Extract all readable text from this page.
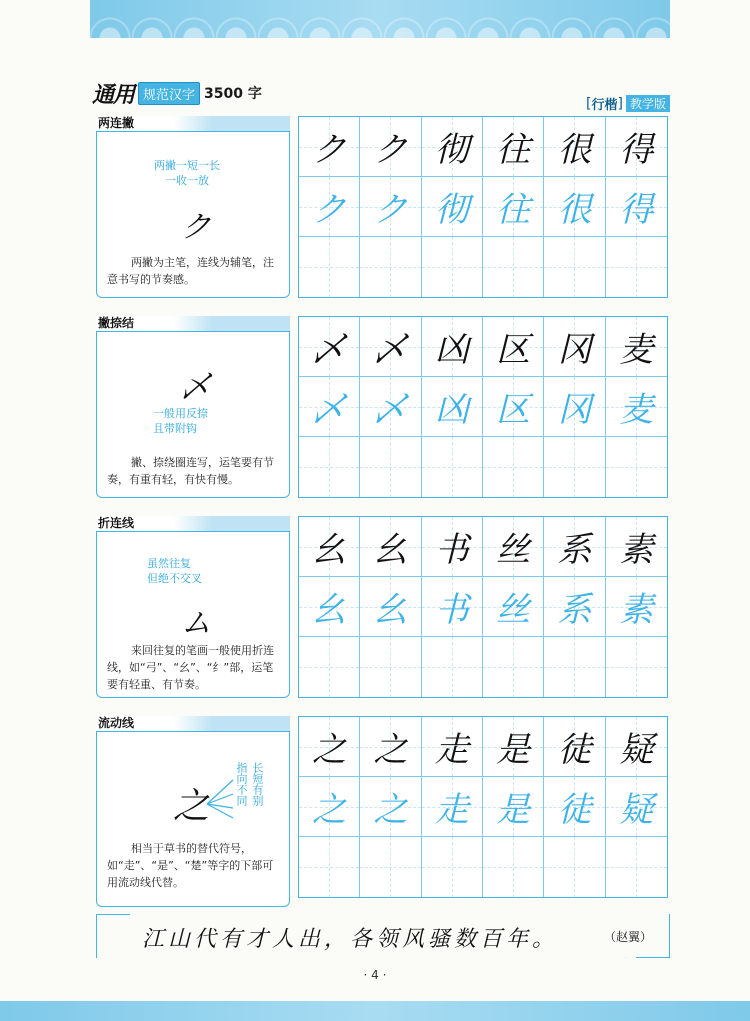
通用 规范汉字 3500 字
[ 行楷 ] 教学版
两连撇
两撇一短一长
一收一放
ク
两撇为主笔，连线为辅笔，注意书写的节奏感。
ク ク 彻 往 很 得
ク ク 彻 往 很 得
撇捺结
乄
一般用反捺
且带附钩
撇、捺绕圈连写，运笔要有节奏，有重有轻，有快有慢。
乄 乄 凶 区 冈 麦
乄 乄 凶 区 冈 麦
折连线
虽然往复
但绝不交叉
ム
来回往复的笔画一般使用折连线，如“弓”、“幺”、“纟”部，运笔要有轻重、有节奏。
幺 幺 书 丝 系 素
幺 幺 书 丝 系 素
流动线
之
指向不同 长短有别
相当于草书的替代符号，如“走”、“是”、“楚”等字的下部可用流动线代替。
之 之 走 是 徒 疑
之 之 走 是 徒 疑
江山代有才人出，各领风骚数百年。	（赵翼）
· 4 ·
